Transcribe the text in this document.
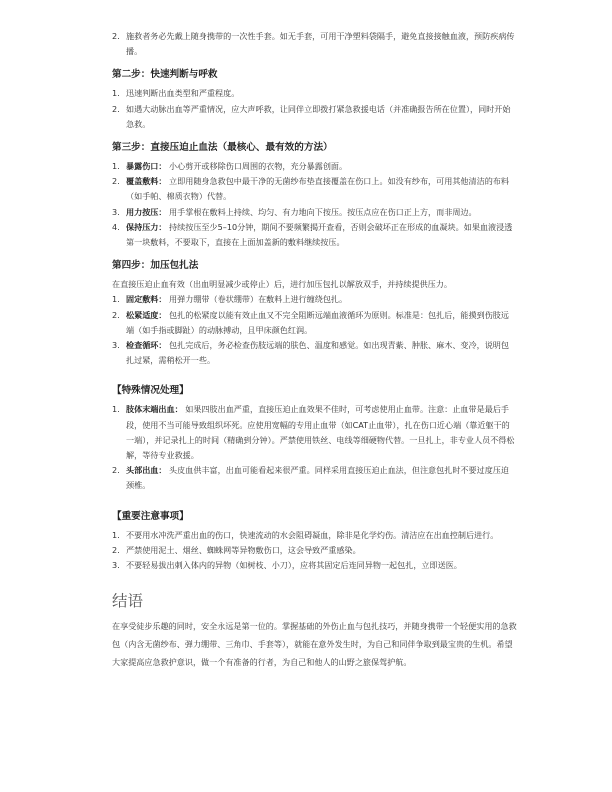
2. 施救者务必先戴上随身携带的一次性手套。如无手套，可用干净塑料袋隔手，避免直接接触血液，预防疾病传播。
第二步：快速判断与呼救
1. 迅速判断出血类型和严重程度。
2. 如遇大动脉出血等严重情况，应大声呼救，让同伴立即拨打紧急救援电话（并准确报告所在位置），同时开始急救。
第三步：直接压迫止血法（最核心、最有效的方法）
1. 暴露伤口： 小心剪开或移除伤口周围的衣物，充分暴露创面。
2. 覆盖敷料： 立即用随身急救包中最干净的无菌纱布垫直接覆盖在伤口上。如没有纱布，可用其他清洁的布料（如手帕、棉质衣物）代替。
3. 用力按压： 用手掌根在敷料上持续、均匀、有力地向下按压。按压点应在伤口正上方，而非周边。
4. 保持压力： 持续按压至少5–10分钟，期间不要频繁揭开查看，否则会破坏正在形成的血凝块。如果血液浸透第一块敷料，不要取下，直接在上面加盖新的敷料继续按压。
第四步：加压包扎法

在直接压迫止血有效（出血明显减少或停止）后，进行加压包扎以解放双手，并持续提供压力。

1. 固定敷料： 用弹力绷带（卷状绷带）在敷料上进行缠绕包扎。
2. 松紧适度： 包扎的松紧度以能有效止血又不完全阻断远端血液循环为原则。标准是：包扎后，能摸到伤肢远端（如手指或脚趾）的动脉搏动，且甲床颜色红润。
3. 检查循环： 包扎完成后，务必检查伤肢远端的肤色、温度和感觉。如出现青紫、肿胀、麻木、变冷，说明包扎过紧，需稍松开一些。
【特殊情况处理】
1. 肢体末端出血： 如果四肢出血严重，直接压迫止血效果不佳时，可考虑使用止血带。注意：止血带是最后手段，使用不当可能导致组织坏死。应使用宽幅的专用止血带（如CAT止血带），扎在伤口近心端（靠近躯干的一端），并记录扎上的时间（精确到分钟）。严禁使用铁丝、电线等细硬物代替。一旦扎上，非专业人员不得松解，等待专业救援。
2. 头部出血： 头皮血供丰富，出血可能看起来很严重。同样采用直接压迫止血法，但注意包扎时不要过度压迫颈椎。
【重要注意事项】
1. 不要用水冲洗严重出血的伤口，快速流动的水会阻碍凝血，除非是化学灼伤。清洁应在出血控制后进行。
2. 严禁使用泥土、烟丝、蜘蛛网等异物敷伤口，这会导致严重感染。
3. 不要轻易拔出刺入体内的异物（如树枝、小刀），应将其固定后连同异物一起包扎，立即送医。
结语

在享受徒步乐趣的同时，安全永远是第一位的。掌握基础的外伤止血与包扎技巧，并随身携带一个轻便实用的急救包（内含无菌纱布、弹力绷带、三角巾、手套等），就能在意外发生时，为自己和同伴争取到最宝贵的生机。希望大家提高应急救护意识，做一个有准备的行者，为自己和他人的山野之旅保驾护航。
